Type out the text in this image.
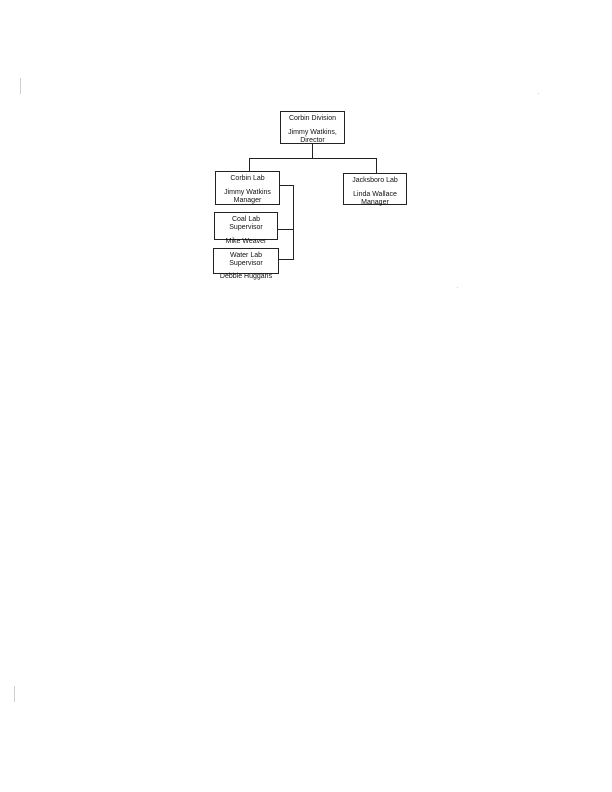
Corbin Division
Jimmy Watkins,
Director
Corbin Lab
Jimmy Watkins
Manager
Jacksboro Lab
Linda Wallace
Manager
Coal Lab Supervisor
Mike Weaver
Water Lab Supervisor
Debbie Huggans
